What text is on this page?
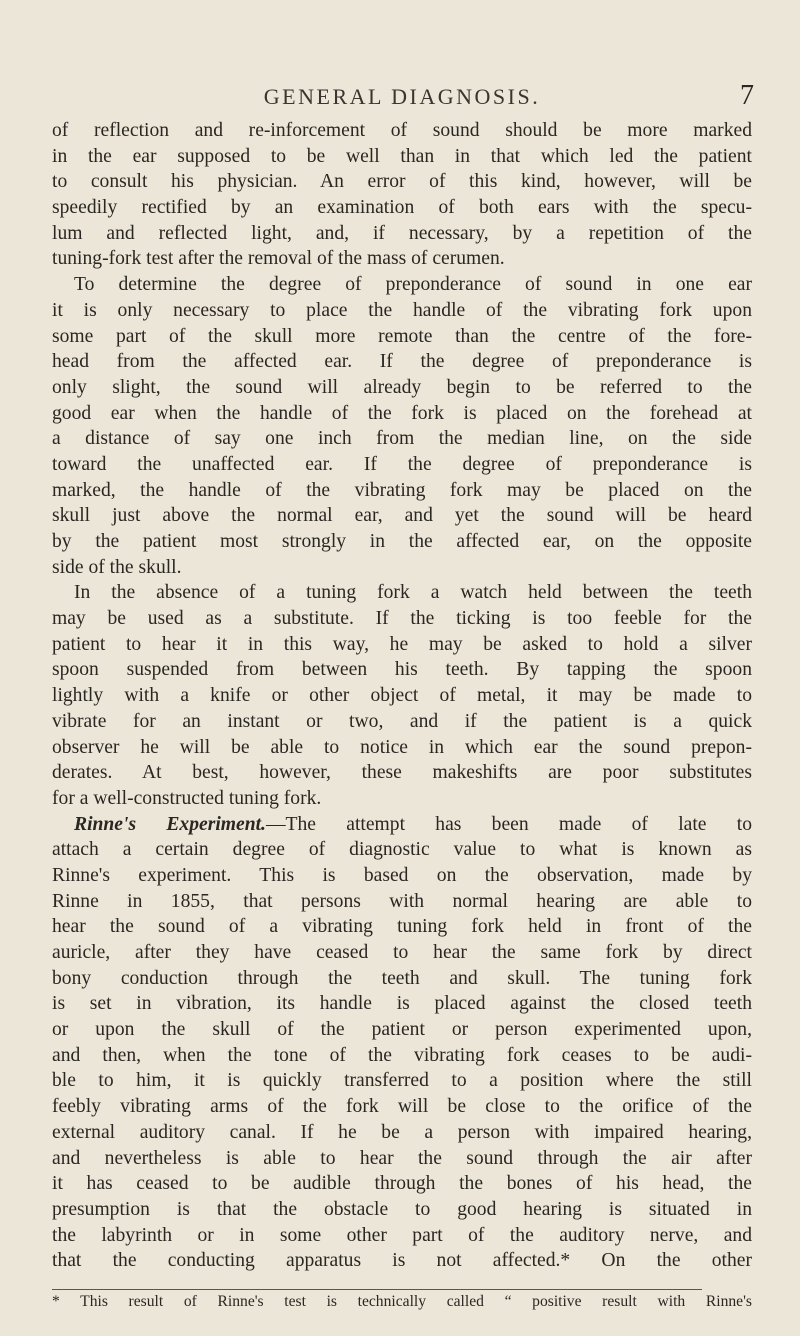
GENERAL DIAGNOSIS.	7
of reflection and re-inforcement of sound should be more marked
in the ear supposed to be well than in that which led the patient
to consult his physician. An error of this kind, however, will be
speedily rectified by an examination of both ears with the specu-
lum and reflected light, and, if necessary, by a repetition of the
tuning-fork test after the removal of the mass of cerumen.
To determine the degree of preponderance of sound in one ear
it is only necessary to place the handle of the vibrating fork upon
some part of the skull more remote than the centre of the fore-
head from the affected ear. If the degree of preponderance is
only slight, the sound will already begin to be referred to the
good ear when the handle of the fork is placed on the forehead at
a distance of say one inch from the median line, on the side
toward the unaffected ear. If the degree of preponderance is
marked, the handle of the vibrating fork may be placed on the
skull just above the normal ear, and yet the sound will be heard
by the patient most strongly in the affected ear, on the opposite
side of the skull.
In the absence of a tuning fork a watch held between the teeth
may be used as a substitute. If the ticking is too feeble for the
patient to hear it in this way, he may be asked to hold a silver
spoon suspended from between his teeth. By tapping the spoon
lightly with a knife or other object of metal, it may be made to
vibrate for an instant or two, and if the patient is a quick
observer he will be able to notice in which ear the sound prepon-
derates. At best, however, these makeshifts are poor substitutes
for a well-constructed tuning fork.
Rinne's Experiment.—The attempt has been made of late to
attach a certain degree of diagnostic value to what is known as
Rinne's experiment. This is based on the observation, made by
Rinne in 1855, that persons with normal hearing are able to
hear the sound of a vibrating tuning fork held in front of the
auricle, after they have ceased to hear the same fork by direct
bony conduction through the teeth and skull. The tuning fork
is set in vibration, its handle is placed against the closed teeth
or upon the skull of the patient or person experimented upon,
and then, when the tone of the vibrating fork ceases to be audi-
ble to him, it is quickly transferred to a position where the still
feebly vibrating arms of the fork will be close to the orifice of the
external auditory canal. If he be a person with impaired hearing,
and nevertheless is able to hear the sound through the air after
it has ceased to be audible through the bones of his head, the
presumption is that the obstacle to good hearing is situated in
the labyrinth or in some other part of the auditory nerve, and
that the conducting apparatus is not affected.* On the other
* This result of Rinne's test is technically called “ positive result with Rinne's
